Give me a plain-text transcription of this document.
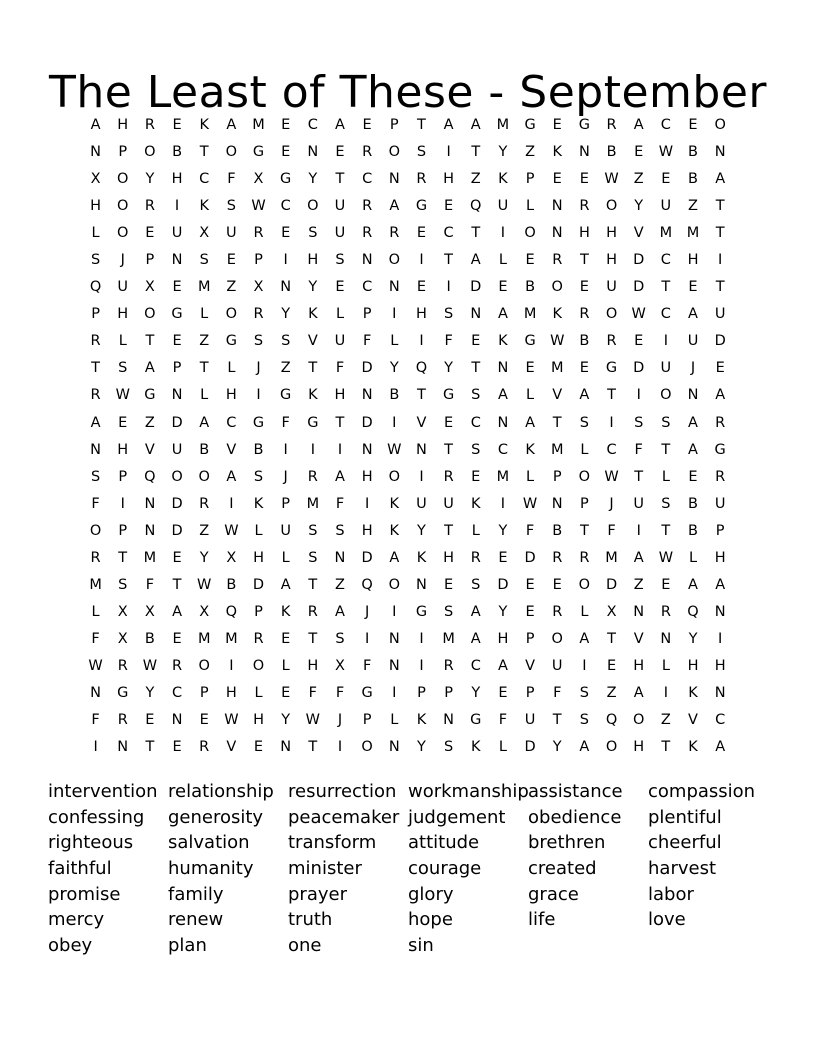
The Least of These - September
A	H	R	E	K	A	M	E	C	A	E	P	T	A	A	M	G	E	G	R	A	C	E	O
N	P	O	B	T	O	G	E	N	E	R	O	S	I	T	Y	Z	K	N	B	E	W	B	N
X	O	Y	H	C	F	X	G	Y	T	C	N	R	H	Z	K	P	E	E	W	Z	E	B	A
H	O	R	I	K	S	W	C	O	U	R	A	G	E	Q	U	L	N	R	O	Y	U	Z	T
L	O	E	U	X	U	R	E	S	U	R	R	E	C	T	I	O	N	H	H	V	M	M	T
S	J	P	N	S	E	P	I	H	S	N	O	I	T	A	L	E	R	T	H	D	C	H	I
Q	U	X	E	M	Z	X	N	Y	E	C	N	E	I	D	E	B	O	E	U	D	T	E	T
P	H	O	G	L	O	R	Y	K	L	P	I	H	S	N	A	M	K	R	O W	C	A	U
R	L	T	E	Z	G	S	S	V	U	F	L	I	F	E	K	G W	B	R	E	I	U	D
T	S	A	P	T	L	J	Z	T	F	D	Y	Q	Y	T	N	E	M	E	G	D	U	J	E
R	W G	N	L	H	I	G	K	H	N	B	T	G	S	A	L	V	A	T	I	O	N	A
A	E	Z	D	A	C	G	F	G	T	D	I	V	E	C	N	A	T	S	I	S	S	A	R
N	H	V	U	B	V	B	I	I	I	N	W	N	T	S	C	K	M	L	C	F	T	A	G
S	P	Q	O	O	A	S	J	R	A	H	O	I	R	E	M	L	P	O W	T	L	E	R
F	I	N	D	R	I	K	P	M	F	I	K	U	U	K	I	W	N	P	J	U	S	B	U
O	P	N	D	Z	W	L	U	S	S	H	K	Y	T	L	Y	F	B	T	F	I	T	B	P
R	T	M	E	Y	X	H	L	S	N	D	A	K	H	R	E	D	R	R	M	A	W	L	H
M	S	F	T	W	B	D	A	T	Z	Q	O	N	E	S	D	E	E	O	D	Z	E	A	A
L	X	X	A	X	Q	P	K	R	A	J	I	G	S	A	Y	E	R	L	X	N	R	Q	N
F	X	B	E	M	M	R	E	T	S	I	N	I	M	A	H	P	O	A	T	V	N	Y	I
W	R	W	R	O	I	O	L	H	X	F	N	I	R	C	A	V	U	I	E	H	L	H	H
N	G	Y	C	P	H	L	E	F	F	G	I	P	P	Y	E	P	F	S	Z	A	I	K	N
F	R	E	N	E	W	H	Y	W	J	P	L	K	N	G	F	U	T	S	Q	O	Z	V	C
I	N	T	E	R	V	E	N	T	I	O	N	Y	S	K	L	D	Y	A	O	H	T	K	A
intervention relationship resurrection workmanship assistance	compassion
confessing	generosity	peacemaker judgement	obedience	plentiful
righteous	salvation	transform	attitude	brethren	cheerful
faithful	humanity	minister	courage	created	harvest
promise	family	prayer	glory	grace	labor
mercy	renew	truth	hope	life	love
obey	plan	one	sin
